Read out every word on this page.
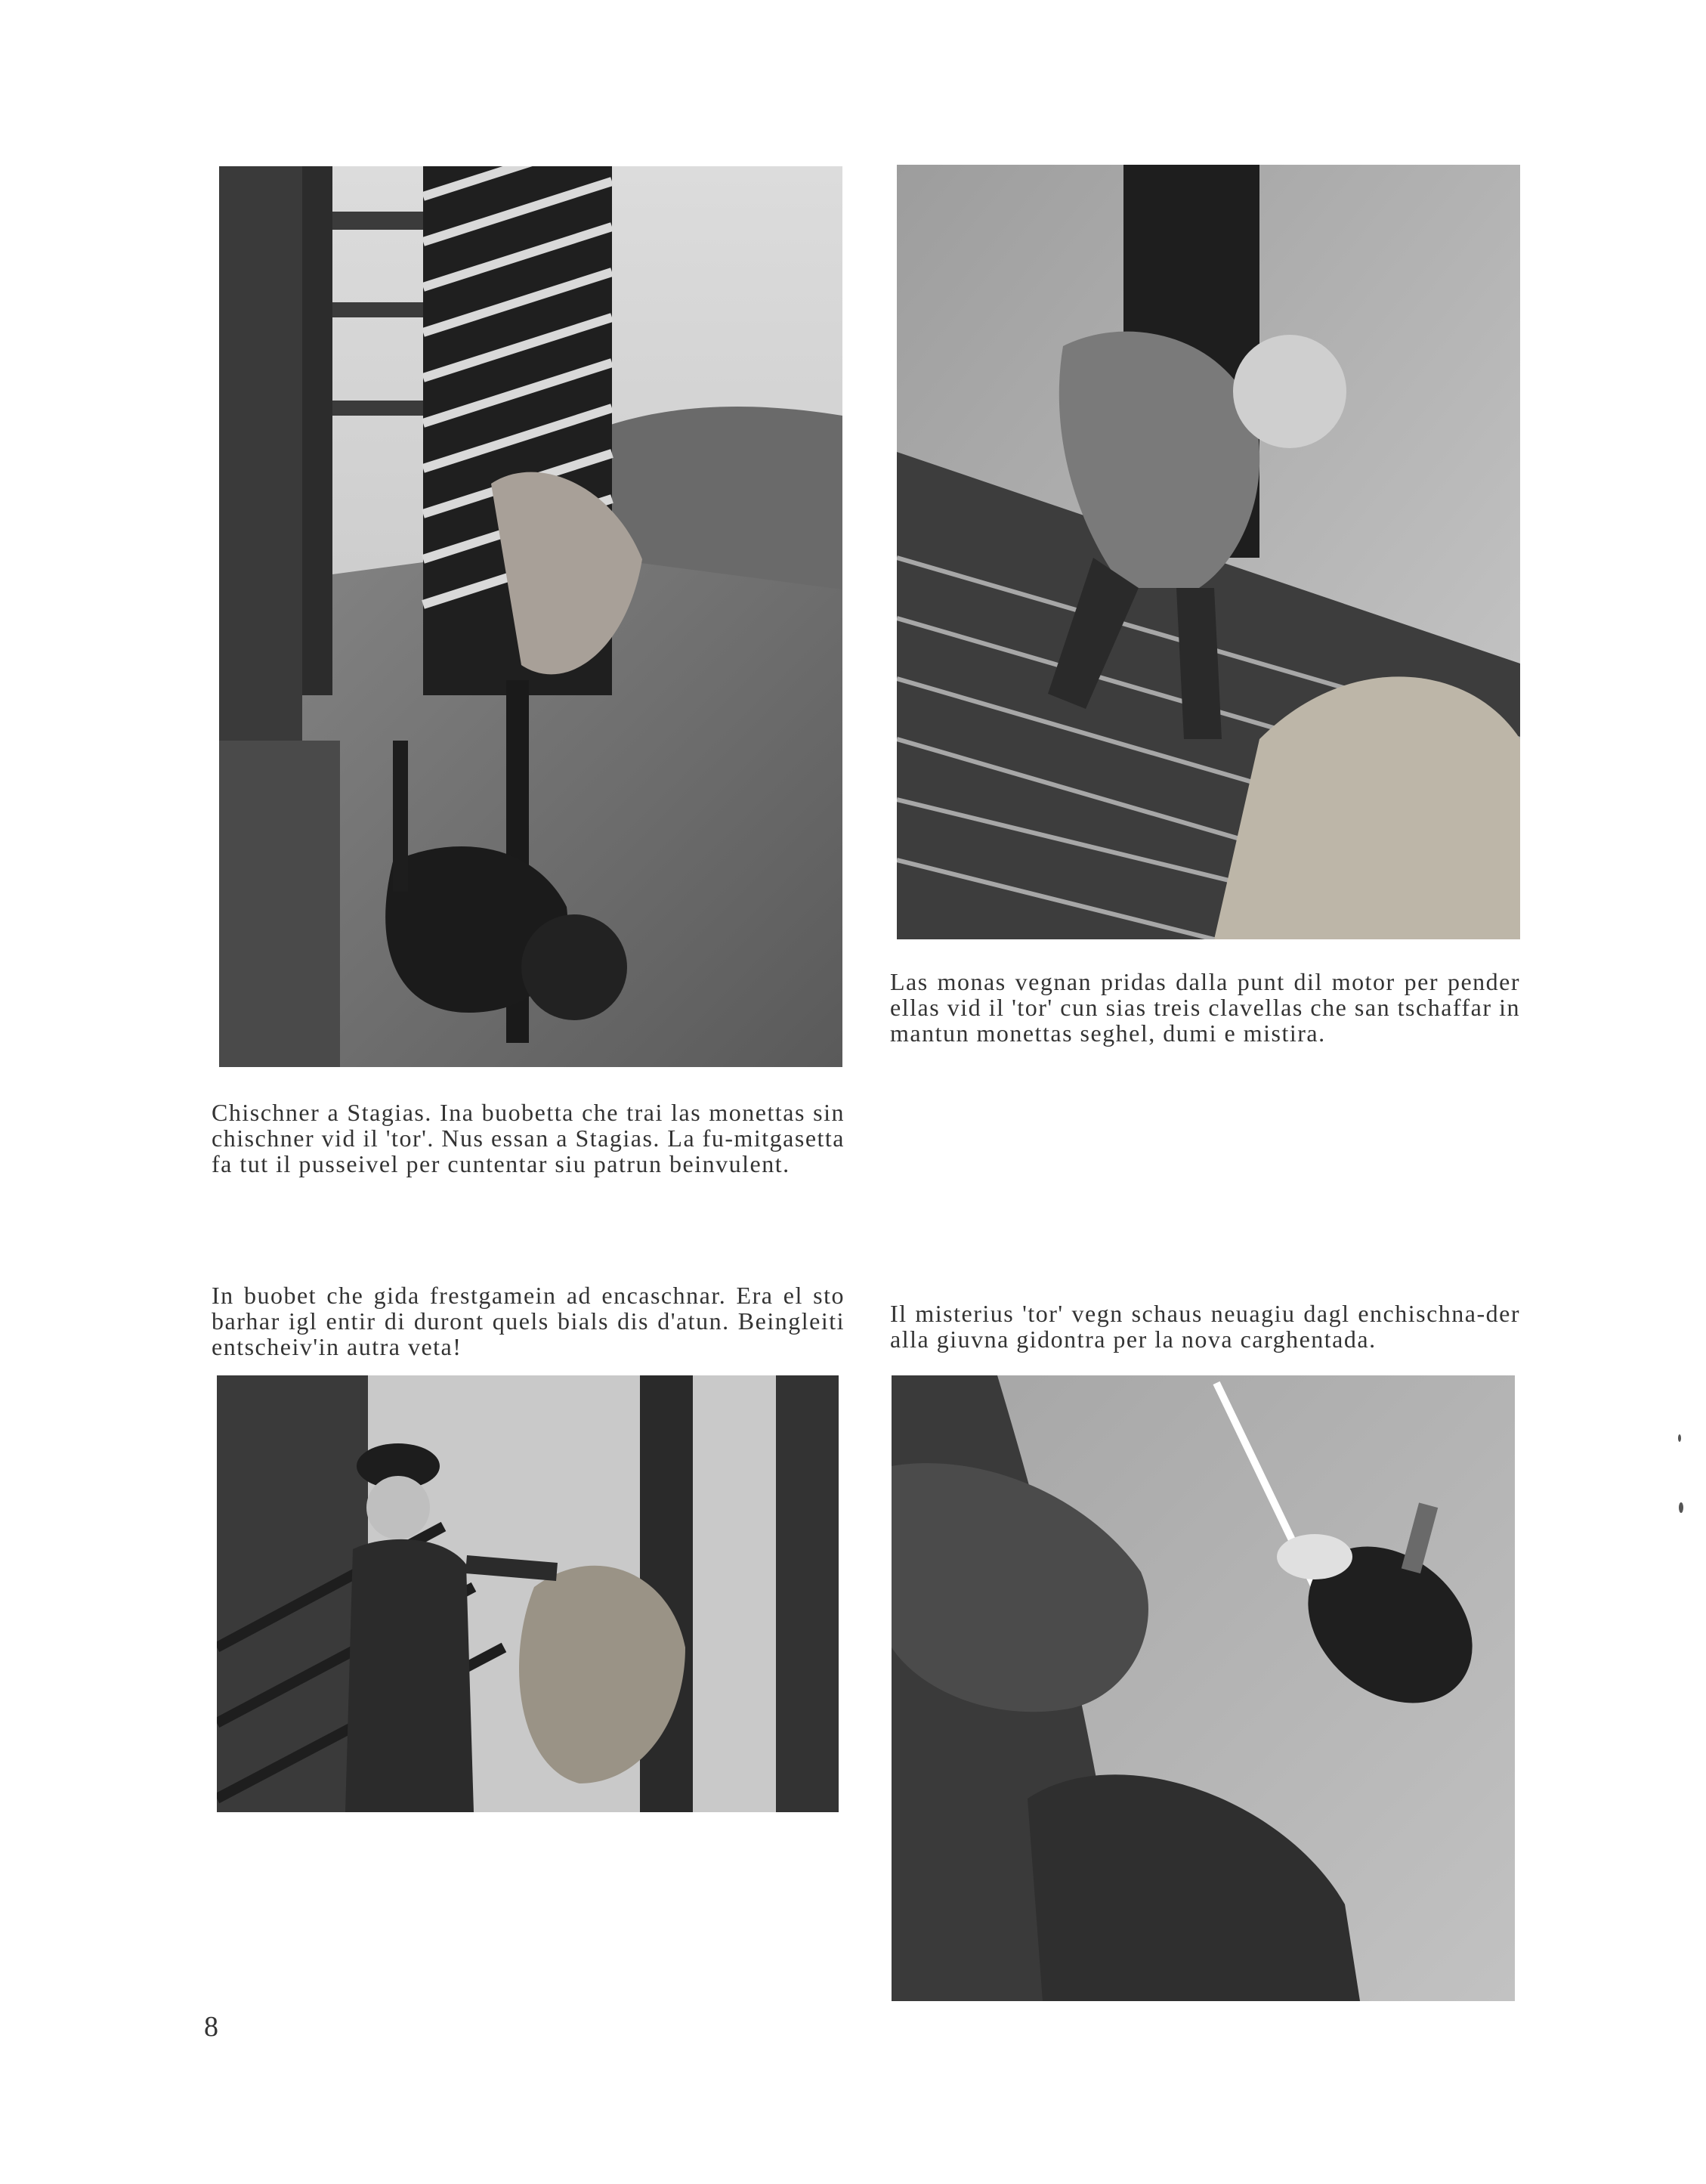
Las monas vegnan pridas dalla punt dil motor per pender ellas vid il 'tor' cun sias treis clavellas che san tschaffar in mantun monettas seghel, dumi e mistira.

Chischner a Stagias. Ina buobetta che trai las monettas sin chischner vid il 'tor'. Nus essan a Stagias. La fu-mitgasetta fa tut il pusseivel per cuntentar siu patrun beinvulent.

In buobet che gida frestgamein ad encaschnar. Era el sto barhar igl entir di duront quels bials dis d'atun. Beingleiti entscheiv'in autra veta!

Il misterius 'tor' vegn schaus neuagiu dagl enchischna-der alla giuvna gidontra per la nova carghentada.

8
